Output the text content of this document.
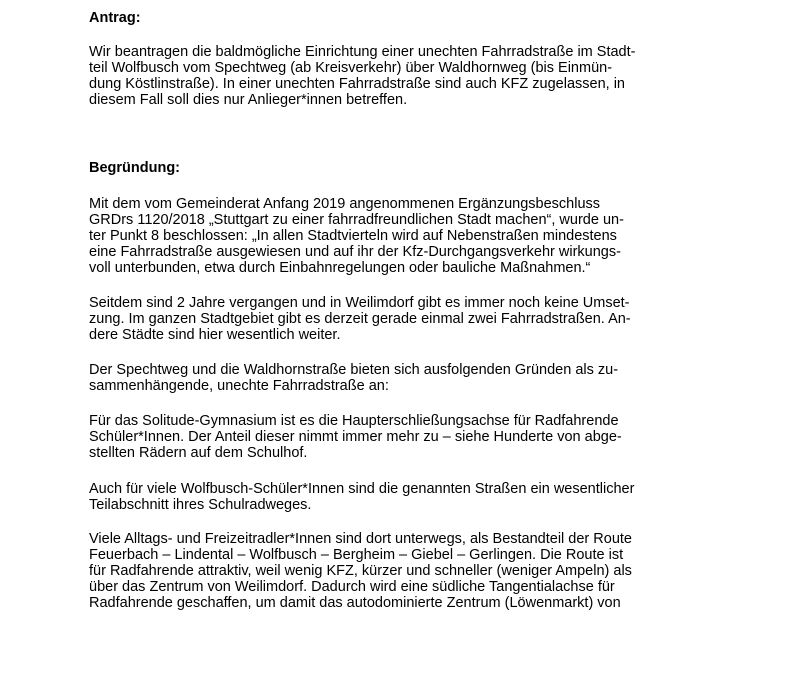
Antrag:
Wir beantragen die baldmögliche Einrichtung einer unechten Fahrradstraße im Stadt-
teil Wolfbusch vom Spechtweg (ab Kreisverkehr) über Waldhornweg (bis Einmün-
dung Köstlinstraße). In einer unechten Fahrradstraße sind auch KFZ zugelassen, in
diesem Fall soll dies nur Anlieger*innen betreffen.
Begründung:
Mit dem vom Gemeinderat Anfang 2019 angenommenen Ergänzungsbeschluss
GRDrs 1120/2018 „Stuttgart zu einer fahrradfreundlichen Stadt machen“, wurde un-
ter Punkt 8 beschlossen: „In allen Stadtvierteln wird auf Nebenstraßen mindestens
eine Fahrradstraße ausgewiesen und auf ihr der Kfz-Durchgangsverkehr wirkungs-
voll unterbunden, etwa durch Einbahnregelungen oder bauliche Maßnahmen.“
Seitdem sind 2 Jahre vergangen und in Weilimdorf gibt es immer noch keine Umset-
zung. Im ganzen Stadtgebiet gibt es derzeit gerade einmal zwei Fahrradstraßen. An-
dere Städte sind hier wesentlich weiter.
Der Spechtweg und die Waldhornstraße bieten sich ausfolgenden Gründen als zu-
sammenhängende, unechte Fahrradstraße an:
Für das Solitude-Gymnasium ist es die Haupterschließungsachse für Radfahrende
Schüler*Innen. Der Anteil dieser nimmt immer mehr zu – siehe Hunderte von abge-
stellten Rädern auf dem Schulhof.
Auch für viele Wolfbusch-Schüler*Innen sind die genannten Straßen ein wesentlicher
Teilabschnitt ihres Schulradweges.
Viele Alltags- und Freizeitradler*Innen sind dort unterwegs, als Bestandteil der Route
Feuerbach – Lindental – Wolfbusch – Bergheim – Giebel – Gerlingen. Die Route ist
für Radfahrende attraktiv, weil wenig KFZ, kürzer und schneller (weniger Ampeln) als
über das Zentrum von Weilimdorf. Dadurch wird eine südliche Tangentialachse für
Radfahrende geschaffen, um damit das autodominierte Zentrum (Löwenmarkt) von
